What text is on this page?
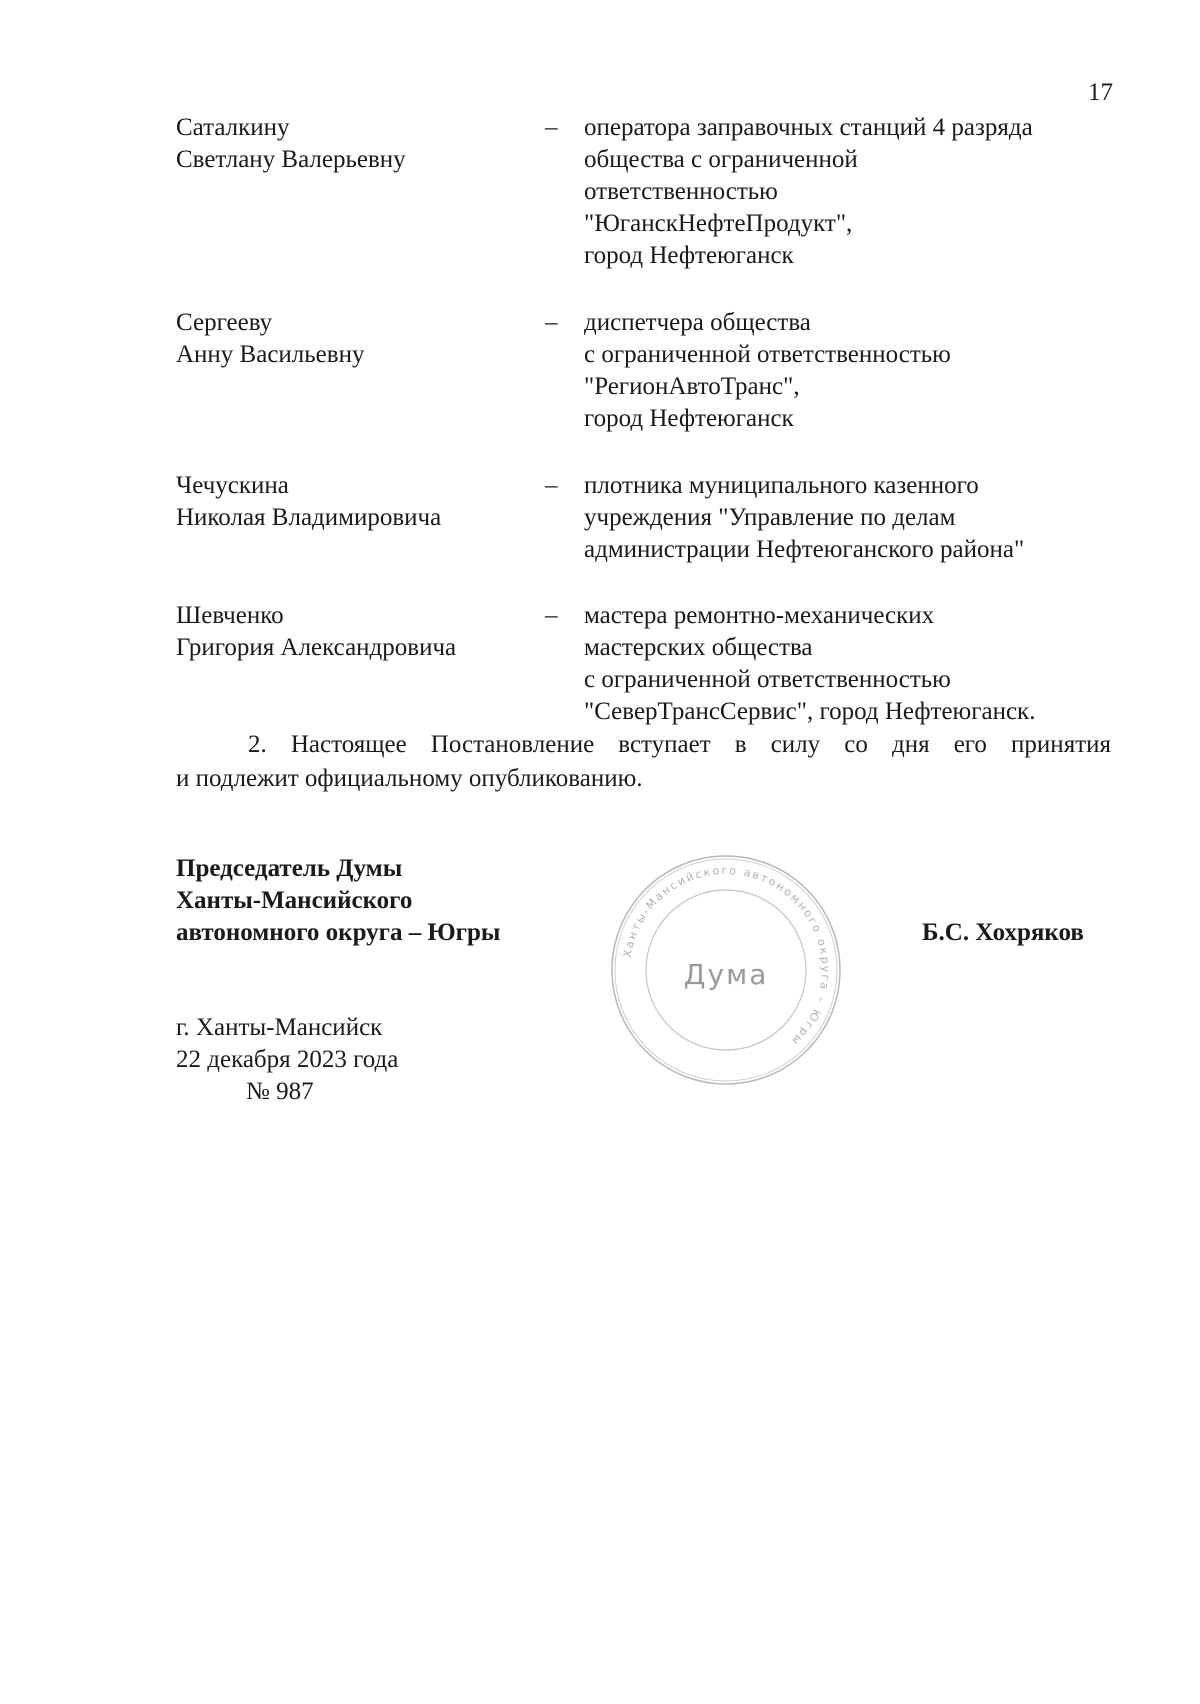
17
Саталкину
Светлану Валерьевну
– оператора заправочных станций 4 разряда
общества с ограниченной
ответственностью
"ЮганскНефтеПродукт",
город Нефтеюганск
Сергееву
Анну Васильевну
– диспетчера общества
с ограниченной ответственностью
"РегионАвтоТранс",
город Нефтеюганск
Чечускина
Николая Владимировича
– плотника муниципального казенного
учреждения "Управление по делам
администрации Нефтеюганского района"
Шевченко
Григория Александровича
– мастера ремонтно-механических
мастерских общества
с ограниченной ответственностью
"СеверТрансСервис", город Нефтеюганск.
2. Настоящее Постановление вступает в силу со дня его принятия
и подлежит официальному опубликованию.
Председатель Думы
Ханты-Мансийского
автономного округа – Югры
Ханты-Мансийского автономного округа – Югры
Дума
Б.С. Хохряков
г. Ханты-Мансийск
22 декабря 2023 года
№ 987
